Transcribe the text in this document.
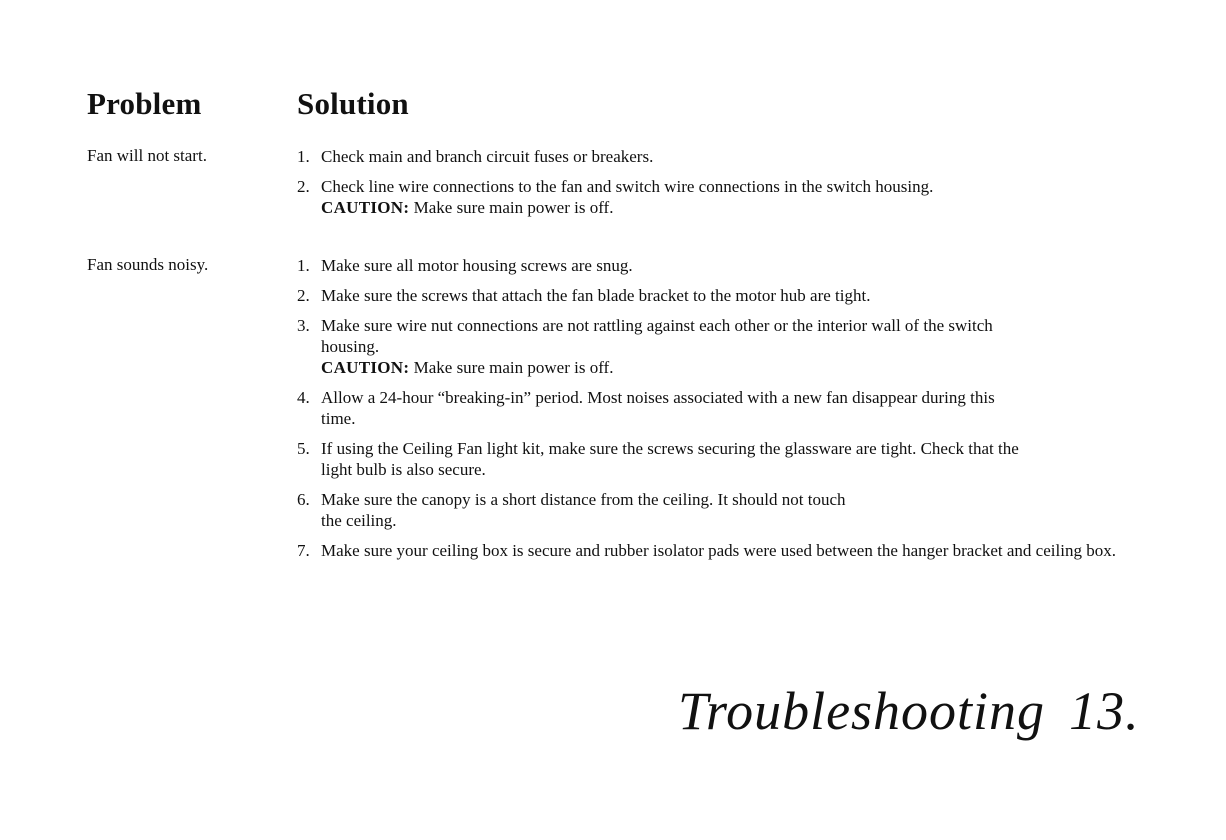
Problem	Solution
Fan will not start.	1. Check main and branch circuit fuses or breakers.
2. Check line wire connections to the fan and switch wire connections in the switch housing.
CAUTION: Make sure main power is off.
Fan sounds noisy.	1. Make sure all motor housing screws are snug.
2. Make sure the screws that attach the fan blade bracket to the motor hub are tight.
3. Make sure wire nut connections are not rattling against each other or the interior wall of the switch housing.
CAUTION: Make sure main power is off.
4. Allow a 24-hour “breaking-in” period. Most noises associated with a new fan disappear during this time.
5. If using the Ceiling Fan light kit, make sure the screws securing the glassware are tight. Check that the light bulb is also secure.
6. Make sure the canopy is a short distance from the ceiling. It should not touch the ceiling.
7. Make sure your ceiling box is secure and rubber isolator pads were used between the hanger bracket and ceiling box.
Troubleshooting 13.
